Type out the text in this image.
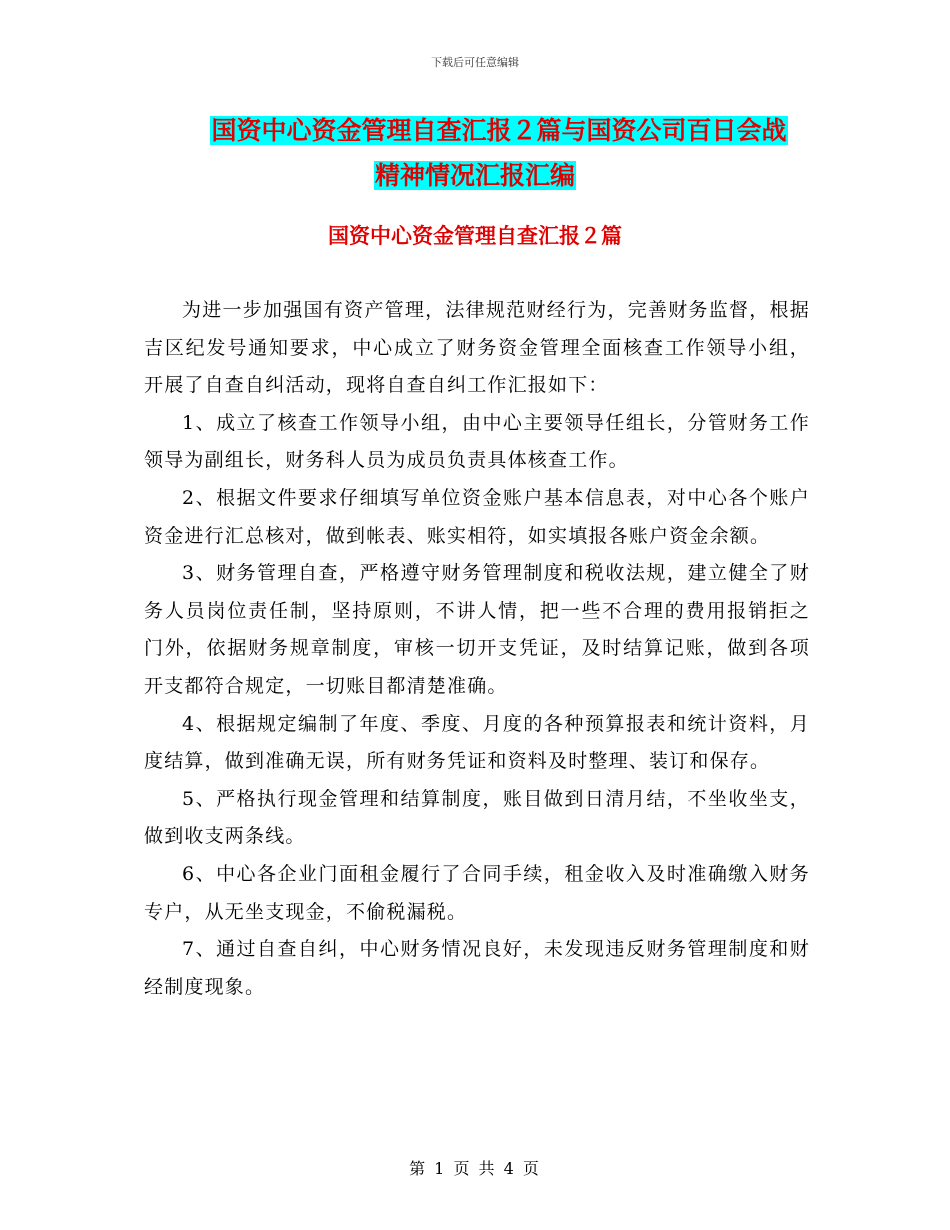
下载后可任意编辑
国资中心资金管理自查汇报２篇与国资公司百日会战
精神情况汇报汇编
国资中心资金管理自查汇报２篇

为进一步加强国有资产管理，法律规范财经行为，完善财务监督，根据吉区纪发号通知要求，中心成立了财务资金管理全面核查工作领导小组，开展了自查自纠活动，现将自查自纠工作汇报如下：

1、成立了核查工作领导小组，由中心主要领导任组长，分管财务工作领导为副组长，财务科人员为成员负责具体核查工作。

2、根据文件要求仔细填写单位资金账户基本信息表，对中心各个账户资金进行汇总核对，做到帐表、账实相符，如实填报各账户资金余额。

3、财务管理自查，严格遵守财务管理制度和税收法规，建立健全了财务人员岗位责任制，坚持原则，不讲人情，把一些不合理的费用报销拒之门外，依据财务规章制度，审核一切开支凭证，及时结算记账，做到各项开支都符合规定，一切账目都清楚准确。

4、根据规定编制了年度、季度、月度的各种预算报表和统计资料，月度结算，做到准确无误，所有财务凭证和资料及时整理、装订和保存。

5、严格执行现金管理和结算制度，账目做到日清月结，不坐收坐支，做到收支两条线。

6、中心各企业门面租金履行了合同手续，租金收入及时准确缴入财务专户，从无坐支现金，不偷税漏税。

7、通过自查自纠，中心财务情况良好，未发现违反财务管理制度和财经制度现象。

第 1 页 共 4 页
